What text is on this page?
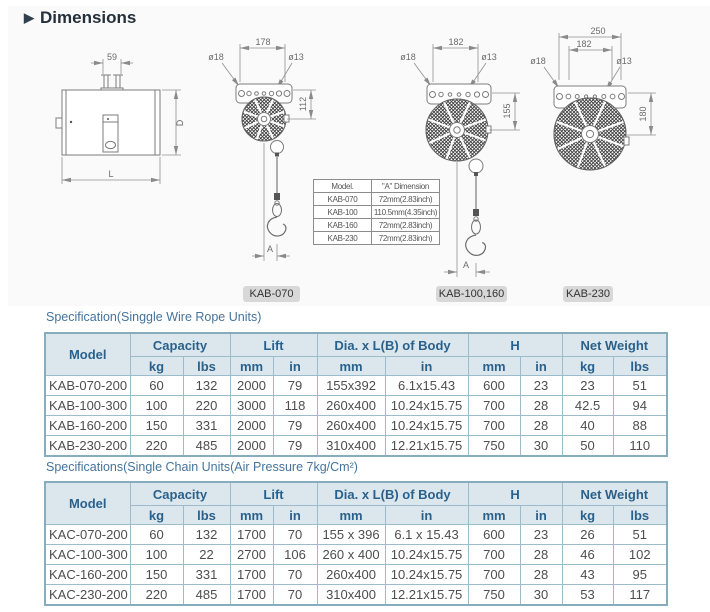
▶ Dimensions
59
D
L
178
ø18	ø13
112
A
182
ø18	ø13
155
A
250
182
ø18	ø13
180
Model.	"A" Dimension
KAB-070	72mm(2.83inch)
KAB-100	110.5mm(4.35inch)
KAB-160	72mm(2.83inch)
KAB-230	72mm(2.83inch)
KAB-070	KAB-100,160	KAB-230
Specification(Singgle Wire Rope Units)
Model	Capacity		Lift		Dia. x L(B) of Body		H		Net Weight	
	kg	lbs	mm	in	mm	in	mm	in	kg	lbs
KAB-070-200	60	132	2000	79	155x392	6.1x15.43	600	23	23	51
KAB-100-300	100	220	3000	118	260x400	10.24x15.75	700	28	42.5	94
KAB-160-200	150	331	2000	79	260x400	10.24x15.75	700	28	40	88
KAB-230-200	220	485	2000	79	310x400	12.21x15.75	750	30	50	110
Specifications(Single Chain Units(Air Pressure 7kg/Cm²)
Model	Capacity		Lift		Dia. x L(B) of Body		H		Net Weight	
	kg	lbs	mm	in	mm	in	mm	in	kg	lbs
KAC-070-200	60	132	1700	70	155 x 396	6.1 x 15.43	600	23	26	51
KAC-100-300	100	22	2700	106	260 x 400	10.24x15.75	700	28	46	102
KAC-160-200	150	331	1700	70	260x400	10.24x15.75	700	28	43	95
KAC-230-200	220	485	1700	70	310x400	12.21x15.75	750	30	53	117
